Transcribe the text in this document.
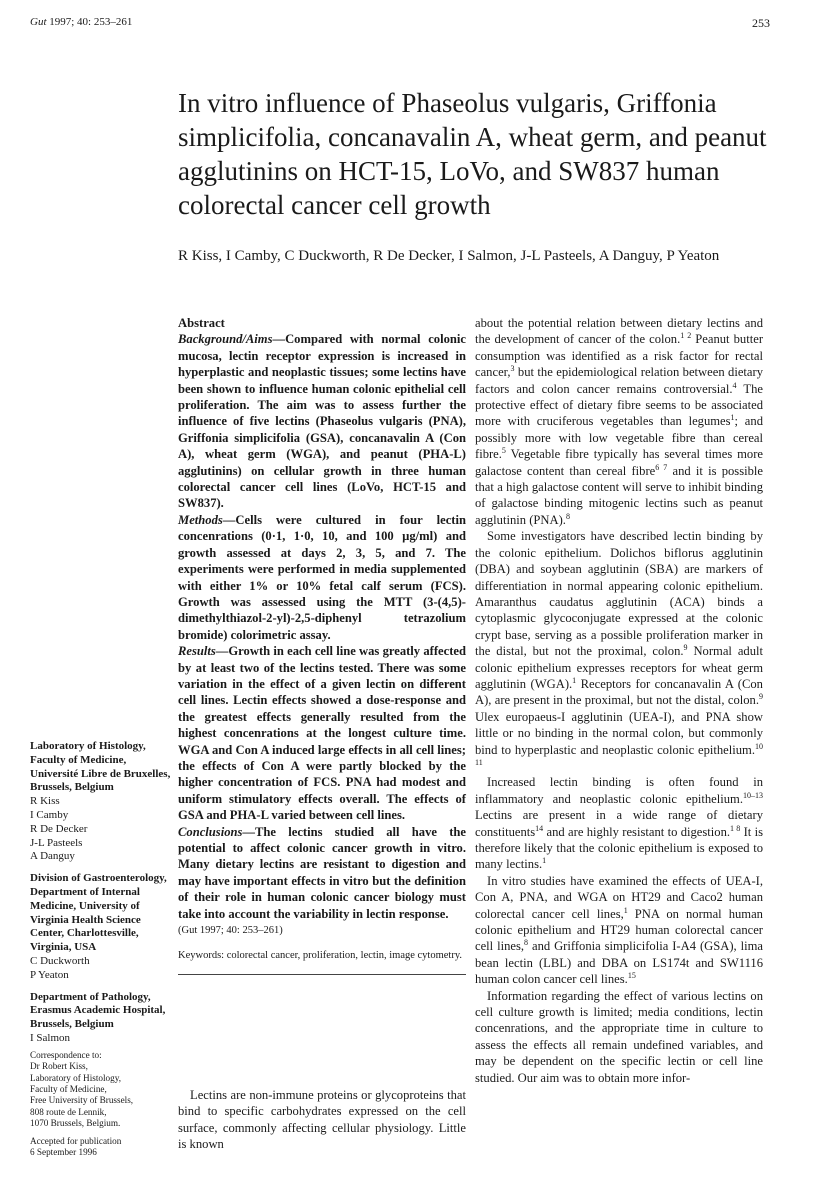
Gut 1997; 40: 253–261	253
In vitro influence of Phaseolus vulgaris, Griffonia simplicifolia, concanavalin A, wheat germ, and peanut agglutinins on HCT-15, LoVo, and SW837 human colorectal cancer cell growth
R Kiss, I Camby, C Duckworth, R De Decker, I Salmon, J-L Pasteels, A Danguy, P Yeaton
Laboratory of Histology, Faculty of Medicine, Université Libre de Bruxelles, Brussels, Belgium
R Kiss
I Camby
R De Decker
J-L Pasteels
A Danguy
Division of Gastroenterology, Department of Internal Medicine, University of Virginia Health Science Center, Charlottesville, Virginia, USA
C Duckworth
P Yeaton
Department of Pathology, Erasmus Academic Hospital, Brussels, Belgium
I Salmon
Correspondence to:
Dr Robert Kiss,
Laboratory of Histology,
Faculty of Medicine,
Free University of Brussels,
808 route de Lennik,
1070 Brussels, Belgium.
Accepted for publication
6 September 1996

Abstract

Background/Aims—Compared with normal colonic mucosa, lectin receptor expression is increased in hyperplastic and neoplastic tissues; some lectins have been shown to influence human colonic epithelial cell proliferation. The aim was to assess further the influence of five lectins (Phaseolus vulgaris (PNA), Griffonia simplicifolia (GSA), concanavalin A (Con A), wheat germ (WGA), and peanut (PHA-L) agglutinins) on cellular growth in three human colorectal cancer cell lines (LoVo, HCT-15 and SW837).

Methods—Cells were cultured in four lectin concenrations (0·1, 1·0, 10, and 100 µg/ml) and growth assessed at days 2, 3, 5, and 7. The experiments were performed in media supplemented with either 1% or 10% fetal calf serum (FCS). Growth was assessed using the MTT (3-(4,5)-dimethylthiazol-2-yl)-2,5-diphenyl tetrazolium bromide) colorimetric assay.

Results—Growth in each cell line was greatly affected by at least two of the lectins tested. There was some variation in the effect of a given lectin on different cell lines. Lectin effects showed a dose-response and the greatest effects generally resulted from the highest concenrations at the longest culture time. WGA and Con A induced large effects in all cell lines; the effects of Con A were partly blocked by the higher concentration of FCS. PNA had modest and uniform stimulatory effects overall. The effects of GSA and PHA-L varied between cell lines.

Conclusions—The lectins studied all have the potential to affect colonic cancer growth in vitro. Many dietary lectins are resistant to digestion and may have important effects in vitro but the definition of their role in human colonic cancer biology must take into account the variability in lectin response.

(Gut 1997; 40: 253–261)

Keywords: colorectal cancer, proliferation, lectin, image cytometry.

Lectins are non-immune proteins or glycoproteins that bind to specific carbohydrates expressed on the cell surface, commonly affecting cellular physiology. Little is known

about the potential relation between dietary lectins and the development of cancer of the colon.$^{1 2}$ Peanut butter consumption was identified as a risk factor for rectal cancer,$^3$ but the epidemiological relation between dietary factors and colon cancer remains controversial.$^4$ The protective effect of dietary fibre seems to be associated more with cruciferous vegetables than legumes$^1$; and possibly more with low vegetable fibre than cereal fibre.$^5$ Vegetable fibre typically has several times more galactose content than cereal fibre$^{6 7}$ and it is possible that a high galactose content will serve to inhibit binding of galactose binding mitogenic lectins such as peanut agglutinin (PNA).$^8$

Some investigators have described lectin binding by the colonic epithelium. Dolichos biflorus agglutinin (DBA) and soybean agglutinin (SBA) are markers of differentiation in normal appearing colonic epithelium. Amaranthus caudatus agglutinin (ACA) binds a cytoplasmic glycoconjugate expressed at the colonic crypt base, serving as a possible proliferation marker in the distal, but not the proximal, colon.$^9$ Normal adult colonic epithelium expresses receptors for wheat germ agglutinin (WGA).$^1$ Receptors for concanavalin A (Con A), are present in the proximal, but not the distal, colon.$^9$ Ulex europaeus-I agglutinin (UEA-I), and PNA show little or no binding in the normal colon, but commonly bind to hyperplastic and neoplastic colonic epithelium.$^{10 11}$

Increased lectin binding is often found in inflammatory and neoplastic colonic epithelium.$^{10-13}$ Lectins are present in a wide range of dietary constituents$^{14}$ and are highly resistant to digestion.$^{1 8}$ It is therefore likely that the colonic epithelium is exposed to many lectins.$^1$

In vitro studies have examined the effects of UEA-I, Con A, PNA, and WGA on HT29 and Caco2 human colorectal cancer cell lines,$^1$ PNA on normal human colonic epithelium and HT29 human colorectal cancer cell lines,$^8$ and Griffonia simplicifolia I-A4 (GSA), lima bean lectin (LBL) and DBA on LS174t and SW1116 human colon cancer cell lines.$^{15}$

Information regarding the effect of various lectins on cell culture growth is limited; media conditions, lectin concenrations, and the appropriate time in culture to assess the effects all remain undefined variables, and may be dependent on the specific lectin or cell line studied. Our aim was to obtain more infor-
